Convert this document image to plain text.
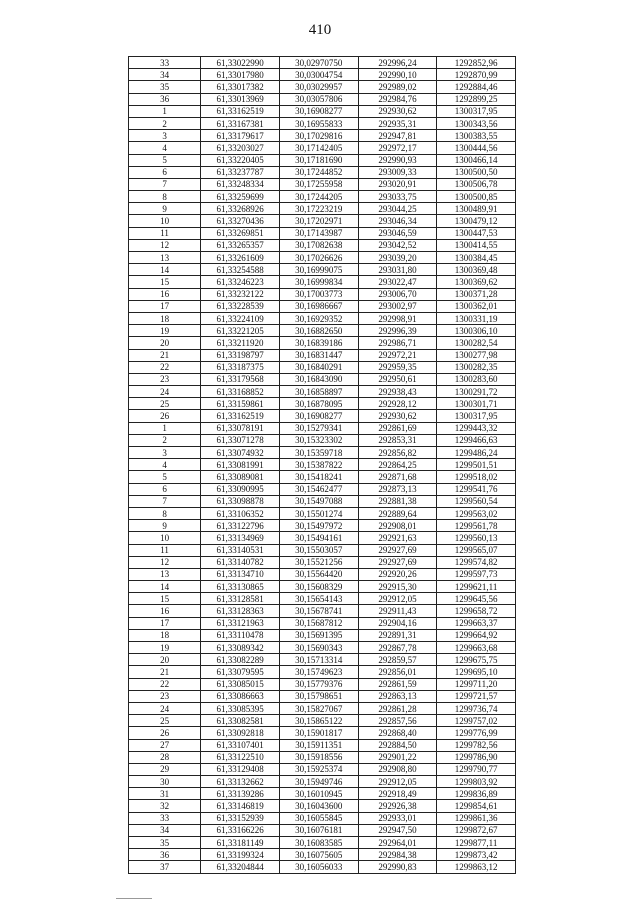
410
33	61,33022990	30,02970750	292996,24	1292852,96
34	61,33017980	30,03004754	292990,10	1292870,99
35	61,33017382	30,03029957	292989,02	1292884,46
36	61,33013969	30,03057806	292984,76	1292899,25
1	61,33162519	30,16908277	292930,62	1300317,95
2	61,33167381	30,16955833	292935,31	1300343,56
3	61,33179617	30,17029816	292947,81	1300383,55
4	61,33203027	30,17142405	292972,17	1300444,56
5	61,33220405	30,17181690	292990,93	1300466,14
6	61,33237787	30,17244852	293009,33	1300500,50
7	61,33248334	30,17255958	293020,91	1300506,78
8	61,33259699	30,17244205	293033,75	1300500,85
9	61,33268926	30,17223219	293044,25	1300489,91
10	61,33270436	30,17202971	293046,34	1300479,12
11	61,33269851	30,17143987	293046,59	1300447,53
12	61,33265357	30,17082638	293042,52	1300414,55
13	61,33261609	30,17026626	293039,20	1300384,45
14	61,33254588	30,16999075	293031,80	1300369,48
15	61,33246223	30,16999834	293022,47	1300369,62
16	61,33232122	30,17003773	293006,70	1300371,28
17	61,33228539	30,16986667	293002,97	1300362,01
18	61,33224109	30,16929352	292998,91	1300331,19
19	61,33221205	30,16882650	292996,39	1300306,10
20	61,33211920	30,16839186	292986,71	1300282,54
21	61,33198797	30,16831447	292972,21	1300277,98
22	61,33187375	30,16840291	292959,35	1300282,35
23	61,33179568	30,16843090	292950,61	1300283,60
24	61,33168852	30,16858897	292938,43	1300291,72
25	61,33159861	30,16878095	292928,12	1300301,71
26	61,33162519	30,16908277	292930,62	1300317,95
1	61,33078191	30,15279341	292861,69	1299443,32
2	61,33071278	30,15323302	292853,31	1299466,63
3	61,33074932	30,15359718	292856,82	1299486,24
4	61,33081991	30,15387822	292864,25	1299501,51
5	61,33089081	30,15418241	292871,68	1299518,02
6	61,33090995	30,15462477	292873,13	1299541,76
7	61,33098878	30,15497088	292881,38	1299560,54
8	61,33106352	30,15501274	292889,64	1299563,02
9	61,33122796	30,15497972	292908,01	1299561,78
10	61,33134969	30,15494161	292921,63	1299560,13
11	61,33140531	30,15503057	292927,69	1299565,07
12	61,33140782	30,15521256	292927,69	1299574,82
13	61,33134710	30,15564420	292920,26	1299597,73
14	61,33130865	30,15608329	292915,30	1299621,11
15	61,33128581	30,15654143	292912,05	1299645,56
16	61,33128363	30,15678741	292911,43	1299658,72
17	61,33121963	30,15687812	292904,16	1299663,37
18	61,33110478	30,15691395	292891,31	1299664,92
19	61,33089342	30,15690343	292867,78	1299663,68
20	61,33082289	30,15713314	292859,57	1299675,75
21	61,33079595	30,15749623	292856,01	1299695,10
22	61,33085015	30,15779376	292861,59	1299711,20
23	61,33086663	30,15798651	292863,13	1299721,57
24	61,33085395	30,15827067	292861,28	1299736,74
25	61,33082581	30,15865122	292857,56	1299757,02
26	61,33092818	30,15901817	292868,40	1299776,99
27	61,33107401	30,15911351	292884,50	1299782,56
28	61,33122510	30,15918556	292901,22	1299786,90
29	61,33129408	30,15925374	292908,80	1299790,77
30	61,33132662	30,15949746	292912,05	1299803,92
31	61,33139286	30,16010945	292918,49	1299836,89
32	61,33146819	30,16043600	292926,38	1299854,61
33	61,33152939	30,16055845	292933,01	1299861,36
34	61,33166226	30,16076181	292947,50	1299872,67
35	61,33181149	30,16083585	292964,01	1299877,11
36	61,33199324	30,16075605	292984,38	1299873,42
37	61,33204844	30,16056033	292990,83	1299863,12
